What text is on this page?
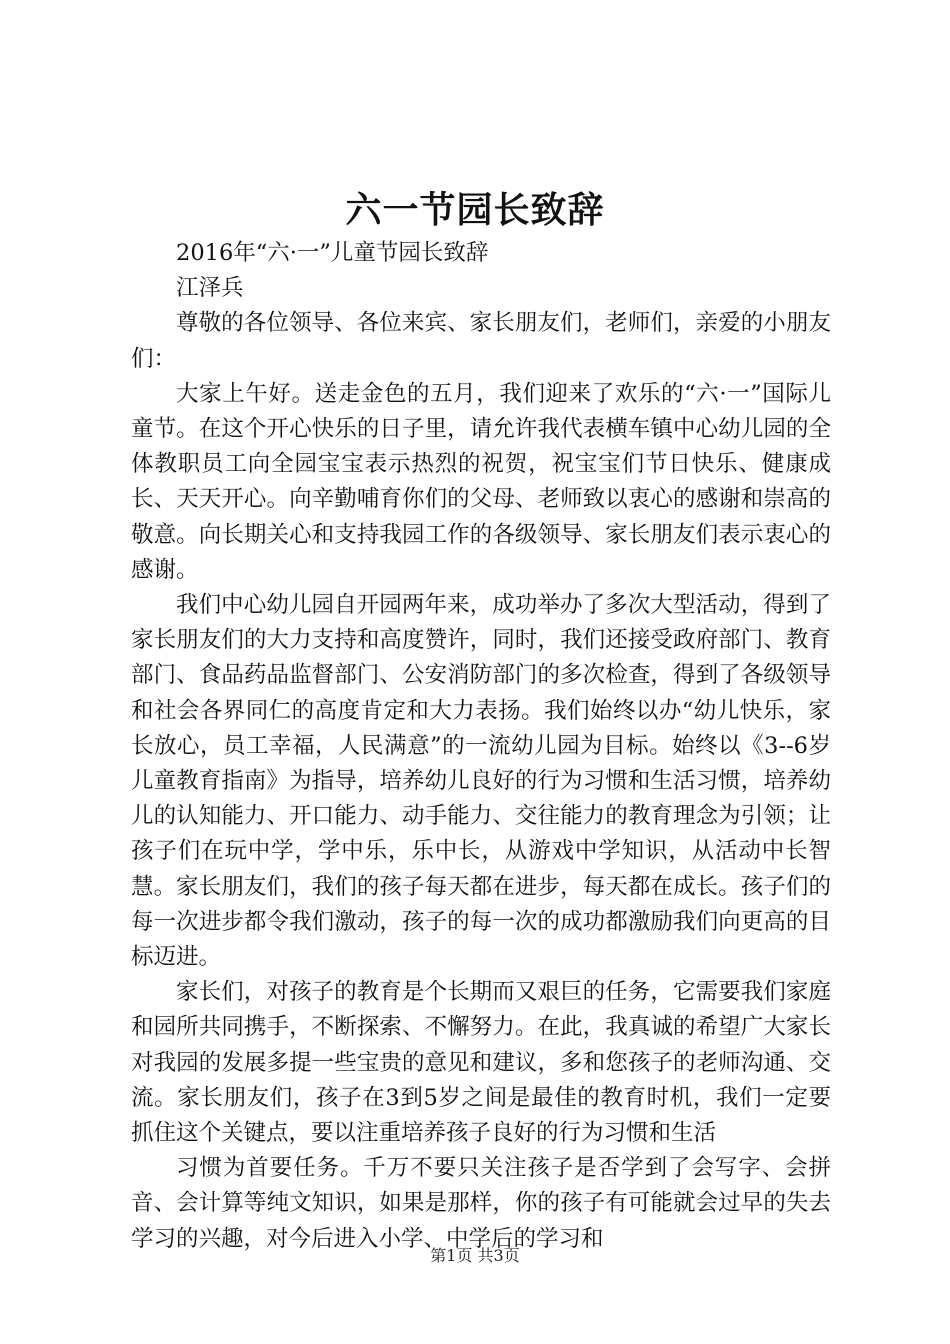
六一节园长致辞

2016年“六·一”儿童节园长致辞

江泽兵

尊敬的各位领导、各位来宾、家长朋友们，老师们，亲爱的小朋友们：

大家上午好。送走金色的五月，我们迎来了欢乐的“六·一”国际儿童节。在这个开心快乐的日子里，请允许我代表横车镇中心幼儿园的全体教职员工向全园宝宝表示热烈的祝贺，祝宝宝们节日快乐、健康成长、天天开心。向辛勤哺育你们的父母、老师致以衷心的感谢和崇高的敬意。向长期关心和支持我园工作的各级领导、家长朋友们表示衷心的感谢。

我们中心幼儿园自开园两年来，成功举办了多次大型活动，得到了家长朋友们的大力支持和高度赞许，同时，我们还接受政府部门、教育部门、食品药品监督部门、公安消防部门的多次检查，得到了各级领导和社会各界同仁的高度肯定和大力表扬。我们始终以办“幼儿快乐，家长放心，员工幸福，人民满意”的一流幼儿园为目标。始终以《3--6岁儿童教育指南》为指导，培养幼儿良好的行为习惯和生活习惯，培养幼儿的认知能力、开口能力、动手能力、交往能力的教育理念为引领；让孩子们在玩中学，学中乐，乐中长，从游戏中学知识，从活动中长智慧。家长朋友们，我们的孩子每天都在进步，每天都在成长。孩子们的每一次进步都令我们激动，孩子的每一次的成功都激励我们向更高的目标迈进。

家长们，对孩子的教育是个长期而又艰巨的任务，它需要我们家庭和园所共同携手，不断探索、不懈努力。在此，我真诚的希望广大家长对我园的发展多提一些宝贵的意见和建议，多和您孩子的老师沟通、交流。家长朋友们，孩子在3到5岁之间是最佳的教育时机，我们一定要抓住这个关键点，要以注重培养孩子良好的行为习惯和生活

习惯为首要任务。千万不要只关注孩子是否学到了会写字、会拼音、会计算等纯文知识，如果是那样，你的孩子有可能就会过早的失去学习的兴趣，对今后进入小学、中学后的学习和

第1页 共3页
